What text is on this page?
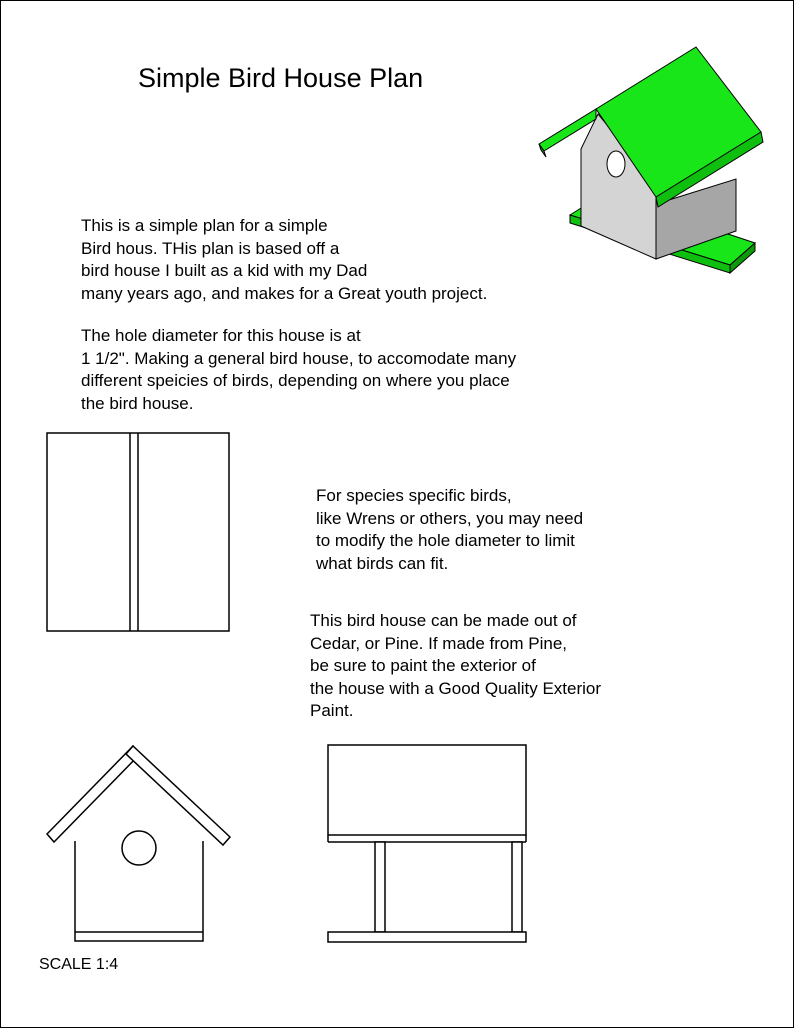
Simple Bird House Plan
This is a simple plan for a simple
Bird hous. THis plan is based off a
bird house I built as a kid with my Dad
many years ago, and makes for a Great youth project.
The hole diameter for this house is at
1 1/2". Making a general bird house, to accomodate many
different speicies of birds, depending on where you place
the bird house.
For species specific birds,
like Wrens or others, you may need
to modify the hole diameter to limit
what birds can fit.
This bird house can be made out of
Cedar, or Pine. If made from Pine,
be sure to paint the exterior of
the house with a Good Quality Exterior
Paint.
SCALE 1:4
